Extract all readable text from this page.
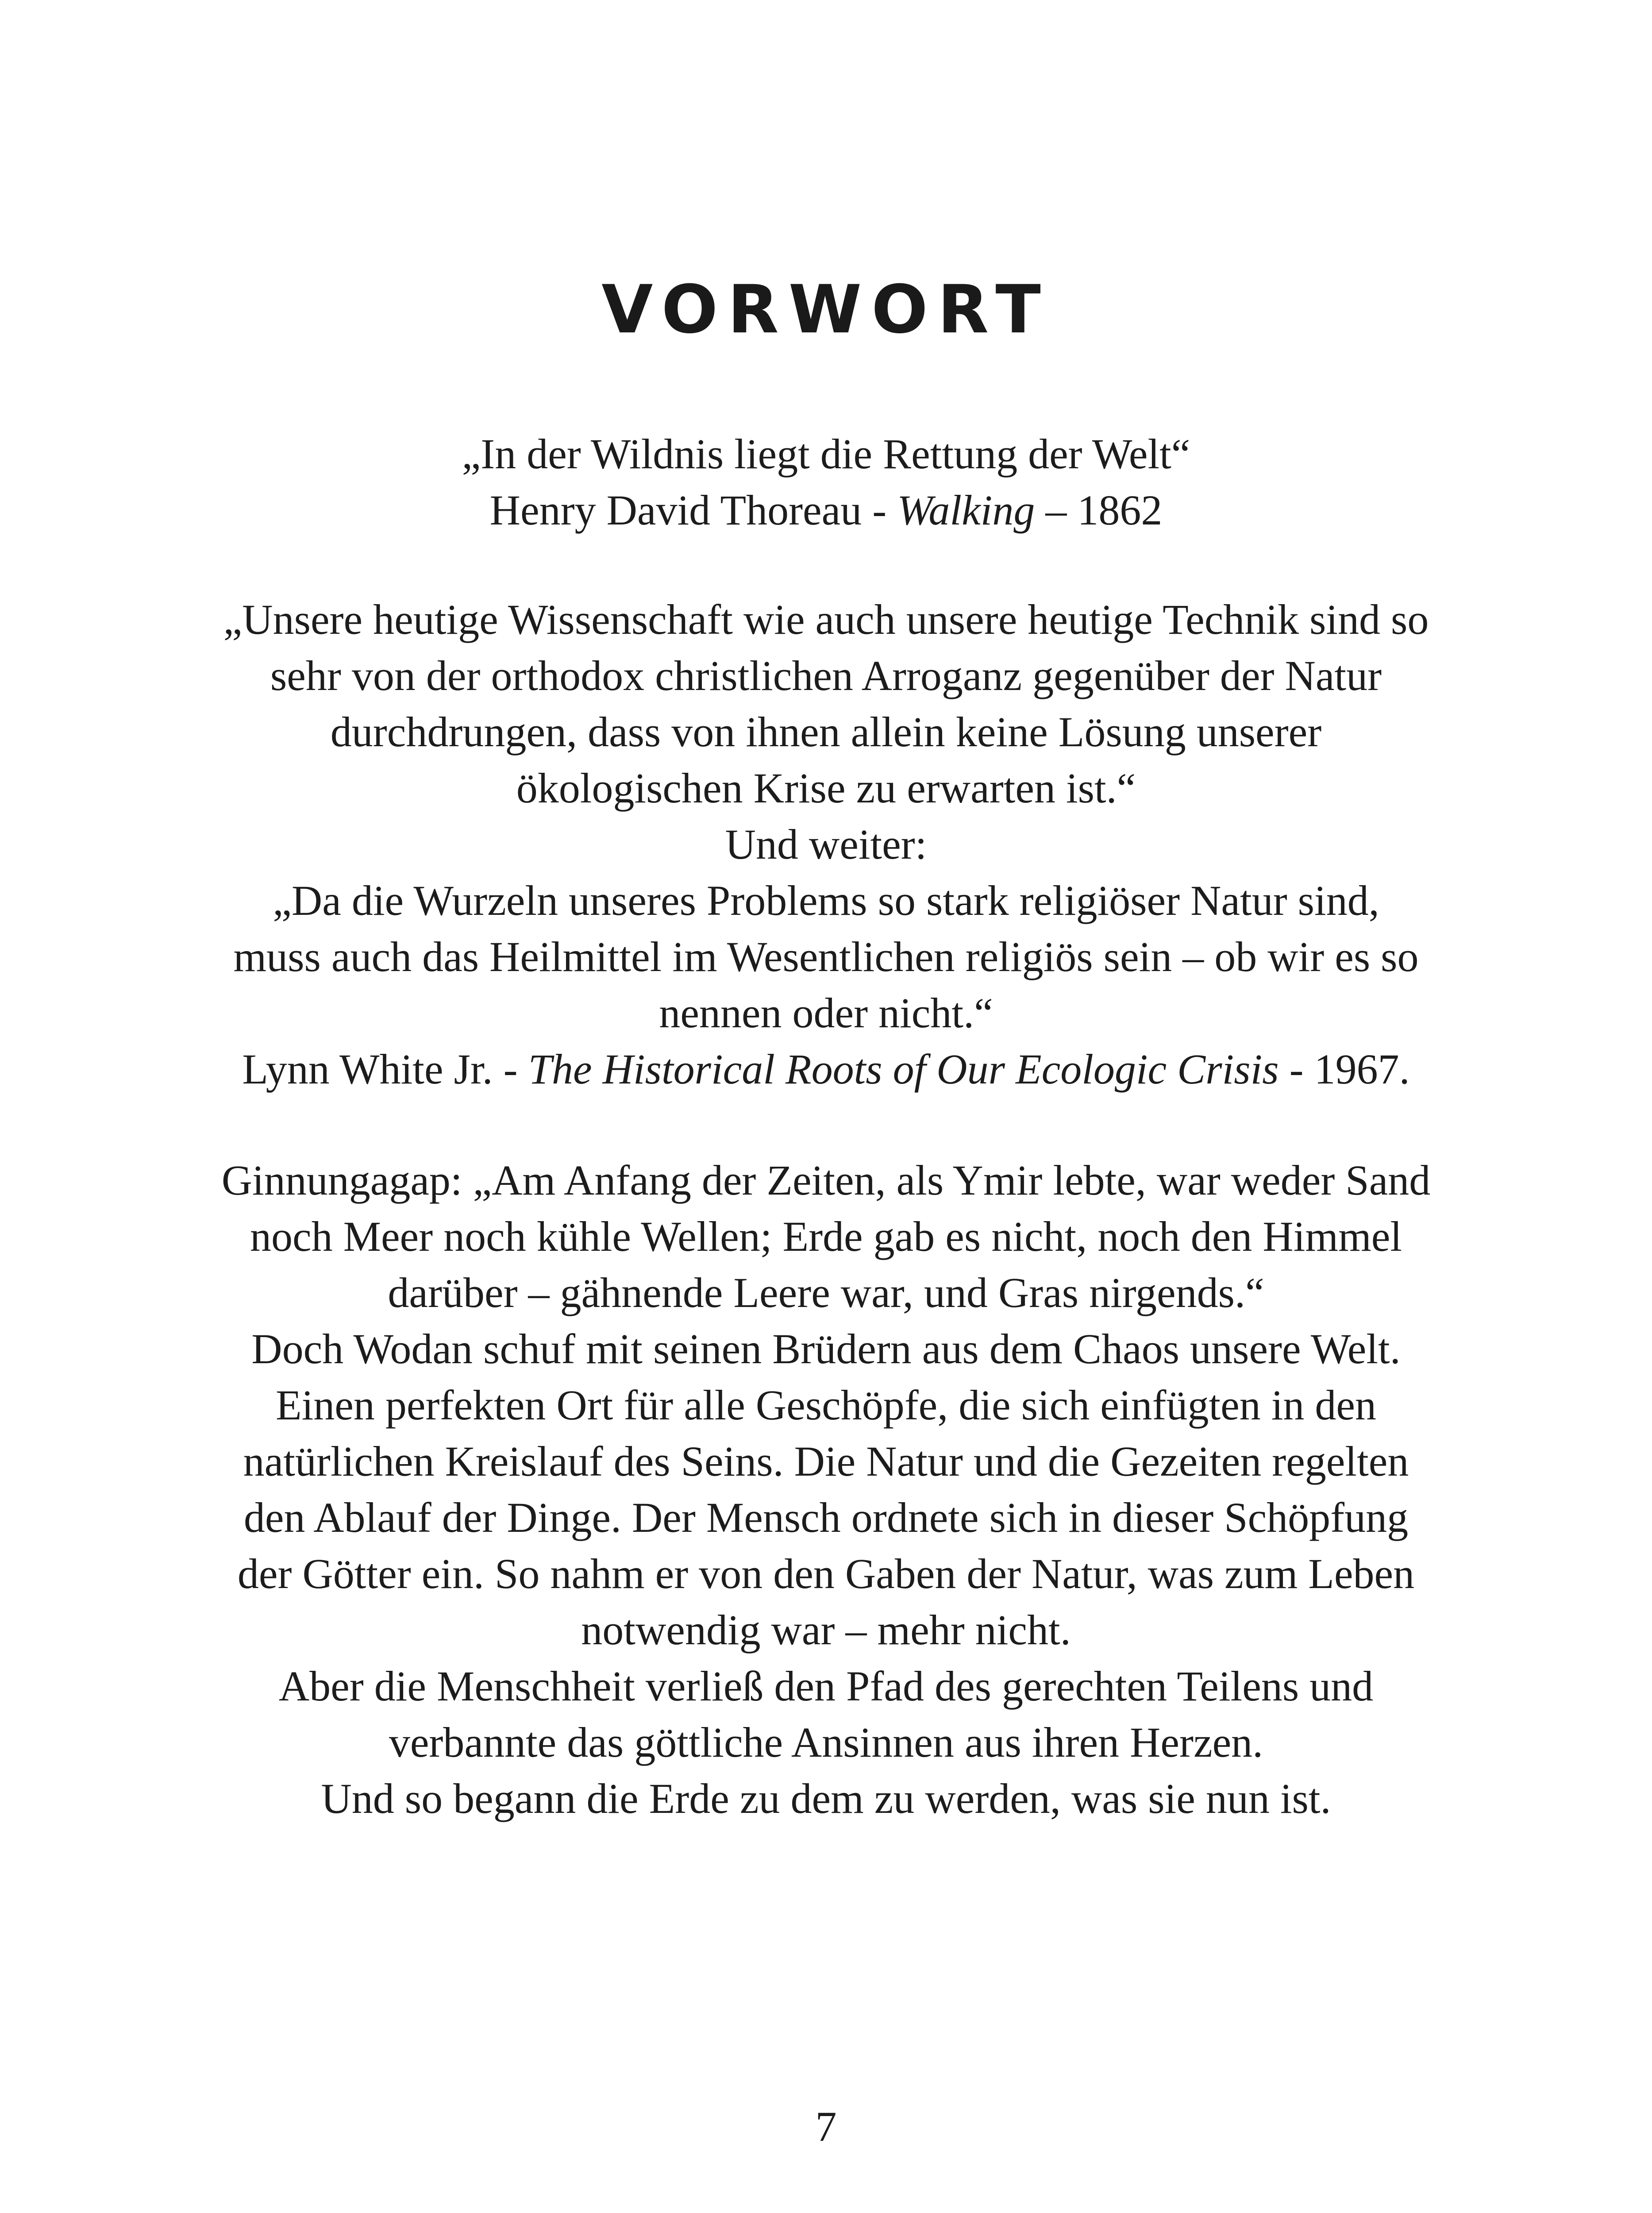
VORWORT
„In der Wildnis liegt die Rettung der Welt“
Henry David Thoreau - Walking – 1862
„Unsere heutige Wissenschaft wie auch unsere heutige Technik sind so
sehr von der orthodox christlichen Arroganz gegenüber der Natur
durchdrungen, dass von ihnen allein keine Lösung unserer
ökologischen Krise zu erwarten ist.“
Und weiter:
„Da die Wurzeln unseres Problems so stark religiöser Natur sind,
muss auch das Heilmittel im Wesentlichen religiös sein – ob wir es so
nennen oder nicht.“
Lynn White Jr. - The Historical Roots of Our Ecologic Crisis - 1967.
Ginnungagap: „Am Anfang der Zeiten, als Ymir lebte, war weder Sand
noch Meer noch kühle Wellen; Erde gab es nicht, noch den Himmel
darüber – gähnende Leere war, und Gras nirgends.“
Doch Wodan schuf mit seinen Brüdern aus dem Chaos unsere Welt.
Einen perfekten Ort für alle Geschöpfe, die sich einfügten in den
natürlichen Kreislauf des Seins. Die Natur und die Gezeiten regelten
den Ablauf der Dinge. Der Mensch ordnete sich in dieser Schöpfung
der Götter ein. So nahm er von den Gaben der Natur, was zum Leben
notwendig war – mehr nicht.
Aber die Menschheit verließ den Pfad des gerechten Teilens und
verbannte das göttliche Ansinnen aus ihren Herzen.
Und so begann die Erde zu dem zu werden, was sie nun ist.
7
